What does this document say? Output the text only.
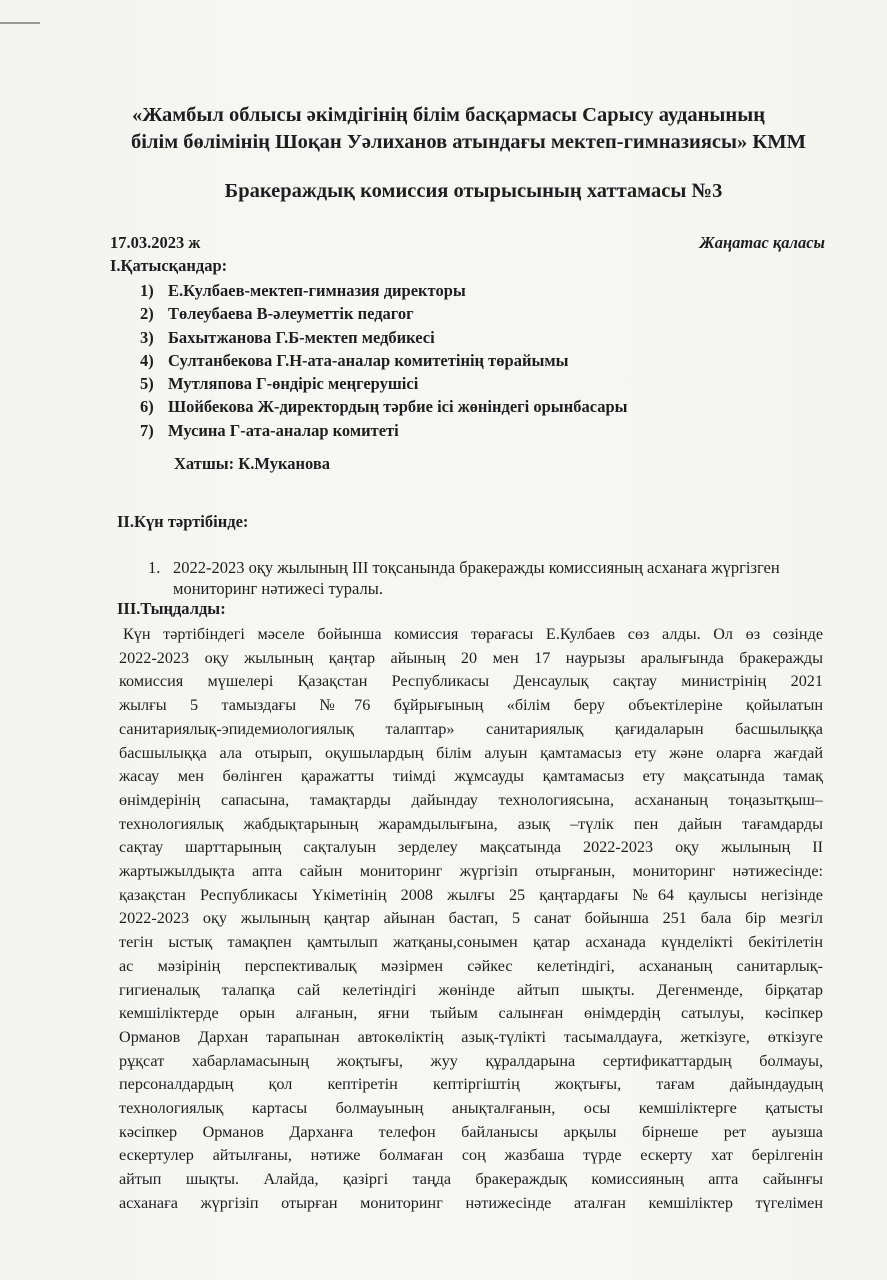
«Жамбыл облысы әкімдігінің білім басқармасы Сарысу ауданының
білім бөлімінің Шоқан Уәлиханов атындағы мектеп-гимназиясы» КММ
Бракераждық комиссия отырысының хаттамасы №3
17.03.2023 ж	Жаңатас қаласы
I.Қатысқандар:
1) Е.Кулбаев-мектеп-гимназия директоры
2) Төлеубаева В-әлеуметтік педагог
3) Бахытжанова Г.Б-мектеп медбикесі
4) Султанбекова Г.Н-ата-аналар комитетінің төрайымы
5) Мутляпова Г-өндіріс меңгерушісі
6) Шойбекова Ж-директордың тәрбие ісі жөніндегі орынбасары
7) Мусина Г-ата-аналар комитеті
Хатшы: К.Муканова
II.Күн тәртібінде:
1. 2022-2023 оқу жылының III тоқсанында бракеражды комиссияның асханаға жүргізген мониторинг нәтижесі туралы.
III.Тыңдалды:
Күн тәртібіндегі мәселе бойынша комиссия төрағасы Е.Кулбаев сөз алды. Ол өз сөзінде
2022-2023 оқу жылының қаңтар айының 20 мен 17 наурызы аралығында бракеражды
комиссия мүшелері Қазақстан Республикасы Денсаулық сақтау министрінің 2021
жылғы 5 тамыздағы №76 бұйрығының «білім беру объектілеріне қойылатын
санитариялық-эпидемиологиялық талаптар» санитариялық қағидаларын басшылыққа
басшылыққа ала отырып, оқушылардың білім алуын қамтамасыз ету және оларға жағдай
жасау мен бөлінген қаражатты тиімді жұмсауды қамтамасыз ету мақсатында тамақ
өнімдерінің сапасына, тамақтарды дайындау технологиясына, асхананың тоңазытқыш–
технологиялық жабдықтарының жарамдылығына, азық –түлік пен дайын тағамдарды
сақтау шарттарының сақталуын зерделеу мақсатында 2022-2023 оқу жылының II
жартыжылдықта апта сайын мониторинг жүргізіп отырғанын, мониторинг нәтижесінде:
қазақстан Республикасы Үкіметінің 2008 жылғы 25 қаңтардағы №64 қаулысы негізінде
2022-2023 оқу жылының қаңтар айынан бастап, 5 санат бойынша 251 бала бір мезгіл
тегін ыстық тамақпен қамтылып жатқаны,сонымен қатар асханада күнделікті бекітілетін
ас мәзірінің перспективалық мәзірмен сәйкес келетіндігі, асхананың санитарлық-
гигиеналық талапқа сай келетіндігі жөнінде айтып шықты. Дегенменде, бірқатар
кемшіліктерде орын алғанын, яғни тыйым салынған өнімдердің сатылуы, кәсіпкер
Орманов Дархан тарапынан автокөліктің азық-түлікті тасымалдауға, жеткізуге, өткізуге
рұқсат хабарламасының жоқтығы, жуу құралдарына сертификаттардың болмауы,
персоналдардың қол кептіретін кептіргіштің жоқтығы, тағам дайындаудың
технологиялық картасы болмауының анықталғанын, осы кемшіліктерге қатысты
кәсіпкер Орманов Дарханға телефон байланысы арқылы бірнеше рет ауызша
ескертулер айтылғаны, нәтиже болмаған соң жазбаша түрде ескерту хат берілгенін
айтып шықты. Алайда, қазіргі таңда бракераждық комиссияның апта сайынғы
асханаға жүргізіп отырған мониторинг нәтижесінде аталған кемшіліктер түгелімен
